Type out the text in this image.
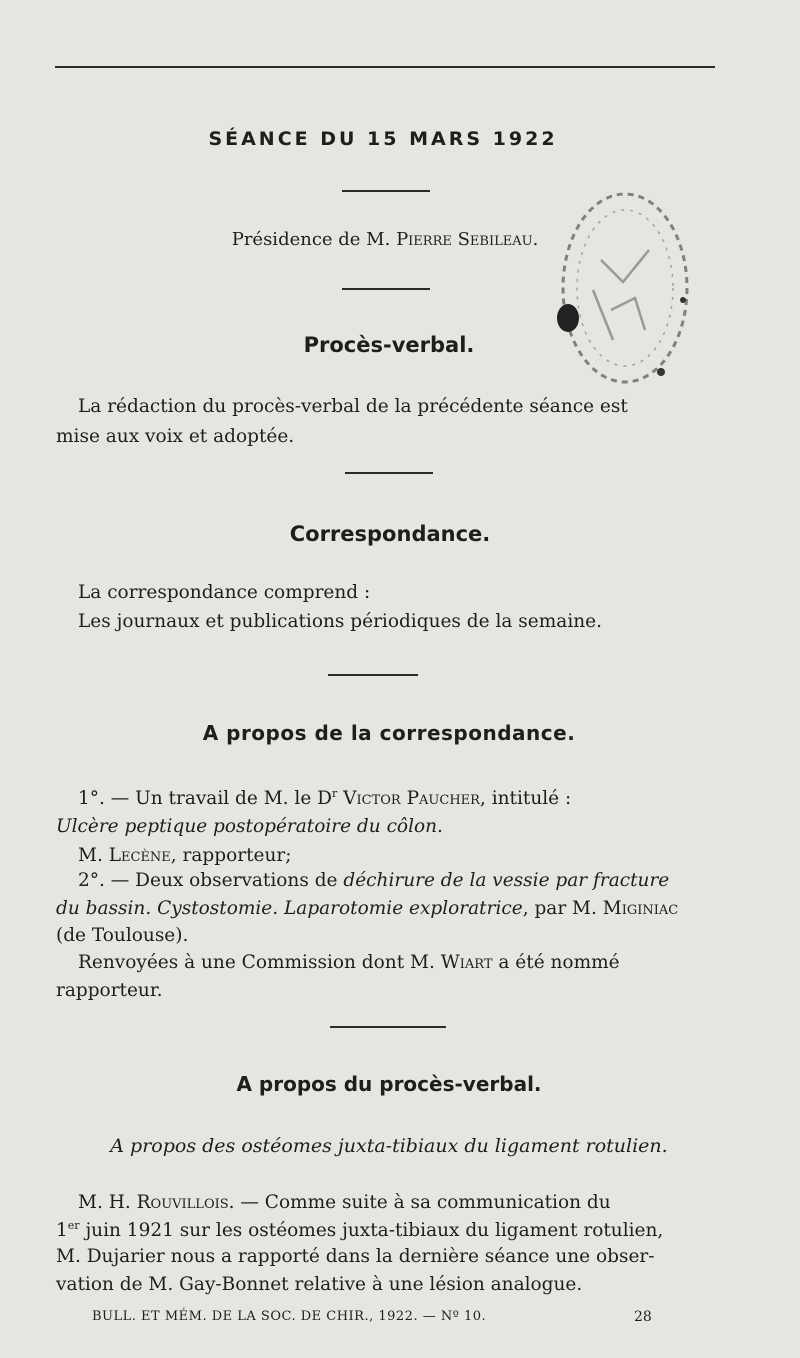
SÉANCE DU 15 MARS 1922
Présidence de M. Pierre Sebileau.
Procès-verbal.
La rédaction du procès-verbal de la précédente séance est
mise aux voix et adoptée.
Correspondance.
La correspondance comprend :
Les journaux et publications périodiques de la semaine.
A propos de la correspondance.
1°. — Un travail de M. le $D^r$ Victor Paucher, intitulé :
Ulcère peptique postopératoire du côlon.
M. Lecène, rapporteur;
2°. — Deux observations de déchirure de la vessie par fracture
du bassin. Cystostomie. Laparotomie exploratrice, par M. Miginiac
(de Toulouse).
Renvoyées à une Commission dont M. Wiart a été nommé
rapporteur.
A propos du procès-verbal.
A propos des ostéomes juxta-tibiaux du ligament rotulien.
M. H. Rouvillois. — Comme suite à sa communication du
1er juin 1921 sur les ostéomes juxta-tibiaux du ligament rotulien,
M. Dujarier nous a rapporté dans la dernière séance une obser-
vation de M. Gay-Bonnet relative à une lésion analogue.
BULL. ET MÉM. DE LA SOC. DE CHIR., 1922. — Nº 10.	28
